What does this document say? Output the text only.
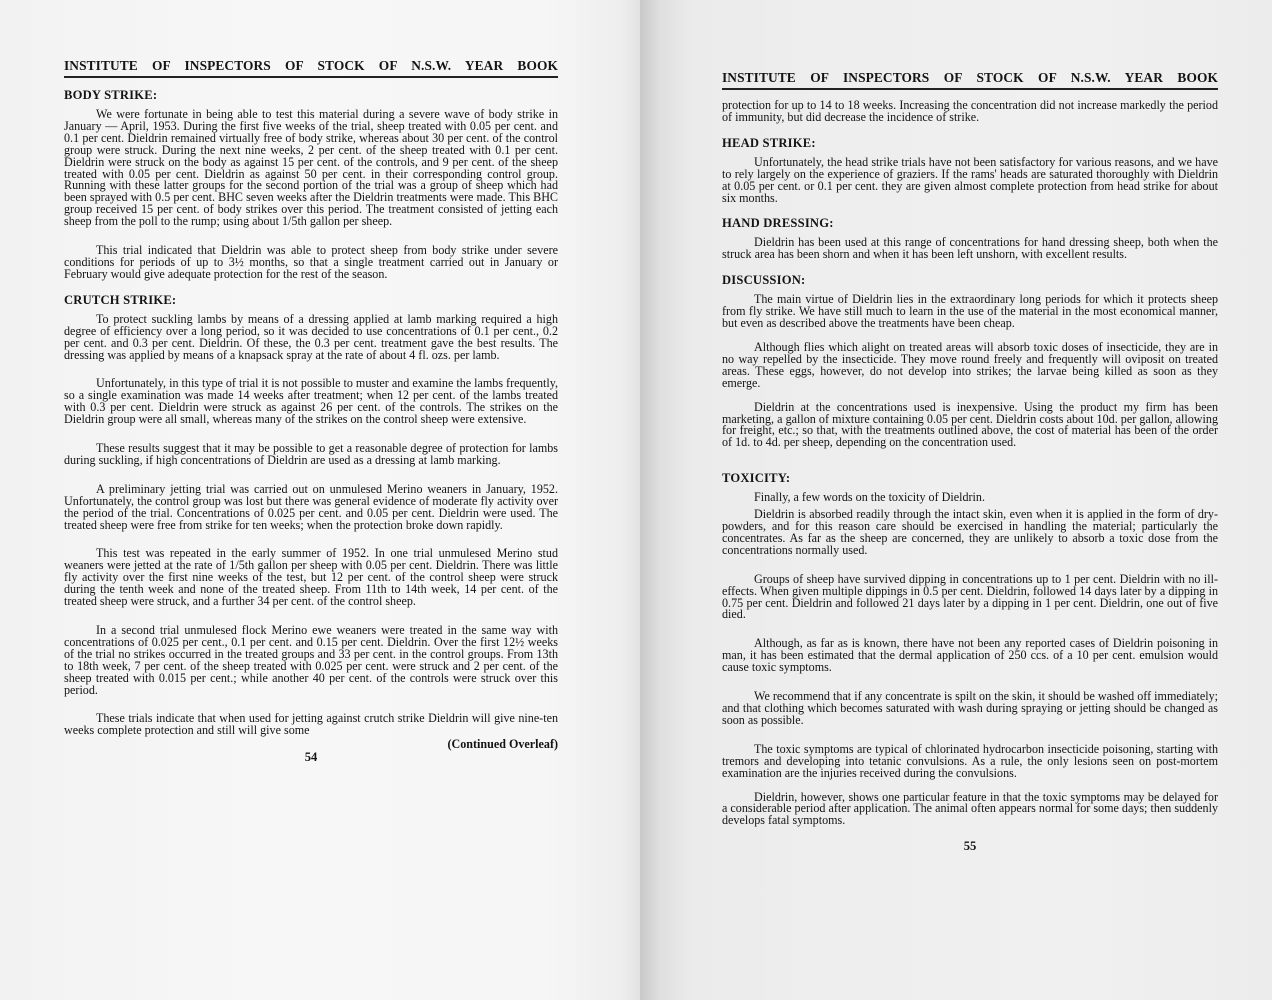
INSTITUTE OF INSPECTORS OF STOCK OF N.S.W. YEAR BOOK
BODY STRIKE:

We were fortunate in being able to test this material during a severe wave of body strike in January — April, 1953. During the first five weeks of the trial, sheep treated with 0.05 per cent. and 0.1 per cent. Dieldrin remained virtually free of body strike, whereas about 30 per cent. of the control group were struck. During the next nine weeks, 2 per cent. of the sheep treated with 0.1 per cent. Dieldrin were struck on the body as against 15 per cent. of the controls, and 9 per cent. of the sheep treated with 0.05 per cent. Dieldrin as against 50 per cent. in their corresponding control group. Running with these latter groups for the second portion of the trial was a group of sheep which had been sprayed with 0.5 per cent. BHC seven weeks after the Dieldrin treatments were made. This BHC group received 15 per cent. of body strikes over this period. The treatment consisted of jetting each sheep from the poll to the rump; using about 1/5th gallon per sheep.

This trial indicated that Dieldrin was able to protect sheep from body strike under severe conditions for periods of up to 3½ months, so that a single treatment carried out in January or February would give adequate protection for the rest of the season.

CRUTCH STRIKE:

To protect suckling lambs by means of a dressing applied at lamb marking required a high degree of efficiency over a long period, so it was decided to use concentrations of 0.1 per cent., 0.2 per cent. and 0.3 per cent. Dieldrin. Of these, the 0.3 per cent. treatment gave the best results. The dressing was applied by means of a knapsack spray at the rate of about 4 fl. ozs. per lamb.

Unfortunately, in this type of trial it is not possible to muster and examine the lambs frequently, so a single examination was made 14 weeks after treatment; when 12 per cent. of the lambs treated with 0.3 per cent. Dieldrin were struck as against 26 per cent. of the controls. The strikes on the Dieldrin group were all small, whereas many of the strikes on the control sheep were extensive.

These results suggest that it may be possible to get a reasonable degree of protection for lambs during suckling, if high concentrations of Dieldrin are used as a dressing at lamb marking.

A preliminary jetting trial was carried out on unmulesed Merino weaners in January, 1952. Unfortunately, the control group was lost but there was general evidence of moderate fly activity over the period of the trial. Concentrations of 0.025 per cent. and 0.05 per cent. Dieldrin were used. The treated sheep were free from strike for ten weeks; when the protection broke down rapidly.

This test was repeated in the early summer of 1952. In one trial unmulesed Merino stud weaners were jetted at the rate of 1/5th gallon per sheep with 0.05 per cent. Dieldrin. There was little fly activity over the first nine weeks of the test, but 12 per cent. of the control sheep were struck during the tenth week and none of the treated sheep. From 11th to 14th week, 14 per cent. of the treated sheep were struck, and a further 34 per cent. of the control sheep.

In a second trial unmulesed flock Merino ewe weaners were treated in the same way with concentrations of 0.025 per cent., 0.1 per cent. and 0.15 per cent. Dieldrin. Over the first 12½ weeks of the trial no strikes occurred in the treated groups and 33 per cent. in the control groups. From 13th to 18th week, 7 per cent. of the sheep treated with 0.025 per cent. were struck and 2 per cent. of the sheep treated with 0.015 per cent.; while another 40 per cent. of the controls were struck over this period.

These trials indicate that when used for jetting against crutch strike Dieldrin will give nine-ten weeks complete protection and still will give some

(Continued Overleaf)
54
INSTITUTE OF INSPECTORS OF STOCK OF N.S.W. YEAR BOOK

protection for up to 14 to 18 weeks. Increasing the concentration did not increase markedly the period of immunity, but did decrease the incidence of strike.

HEAD STRIKE:

Unfortunately, the head strike trials have not been satisfactory for various reasons, and we have to rely largely on the experience of graziers. If the rams' heads are saturated thoroughly with Dieldrin at 0.05 per cent. or 0.1 per cent. they are given almost complete protection from head strike for about six months.

HAND DRESSING:

Dieldrin has been used at this range of concentrations for hand dressing sheep, both when the struck area has been shorn and when it has been left unshorn, with excellent results.

DISCUSSION:

The main virtue of Dieldrin lies in the extraordinary long periods for which it protects sheep from fly strike. We have still much to learn in the use of the material in the most economical manner, but even as described above the treatments have been cheap.

Although flies which alight on treated areas will absorb toxic doses of insecticide, they are in no way repelled by the insecticide. They move round freely and frequently will oviposit on treated areas. These eggs, however, do not develop into strikes; the larvae being killed as soon as they emerge.

Dieldrin at the concentrations used is inexpensive. Using the product my firm has been marketing, a gallon of mixture containing 0.05 per cent. Dieldrin costs about 10d. per gallon, allowing for freight, etc.; so that, with the treatments outlined above, the cost of material has been of the order of 1d. to 4d. per sheep, depending on the concentration used.

TOXICITY:

Finally, a few words on the toxicity of Dieldrin.

Dieldrin is absorbed readily through the intact skin, even when it is applied in the form of dry-powders, and for this reason care should be exercised in handling the material; particularly the concentrates. As far as the sheep are concerned, they are unlikely to absorb a toxic dose from the concentrations normally used.

Groups of sheep have survived dipping in concentrations up to 1 per cent. Dieldrin with no ill-effects. When given multiple dippings in 0.5 per cent. Dieldrin, followed 14 days later by a dipping in 0.75 per cent. Dieldrin and followed 21 days later by a dipping in 1 per cent. Dieldrin, one out of five died.

Although, as far as is known, there have not been any reported cases of Dieldrin poisoning in man, it has been estimated that the dermal application of 250 ccs. of a 10 per cent. emulsion would cause toxic symptoms.

We recommend that if any concentrate is spilt on the skin, it should be washed off immediately; and that clothing which becomes saturated with wash during spraying or jetting should be changed as soon as possible.

The toxic symptoms are typical of chlorinated hydrocarbon insecticide poisoning, starting with tremors and developing into tetanic convulsions. As a rule, the only lesions seen on post-mortem examination are the injuries received during the convulsions.

Dieldrin, however, shows one particular feature in that the toxic symptoms may be delayed for a considerable period after application. The animal often appears normal for some days; then suddenly develops fatal symptoms.

55
